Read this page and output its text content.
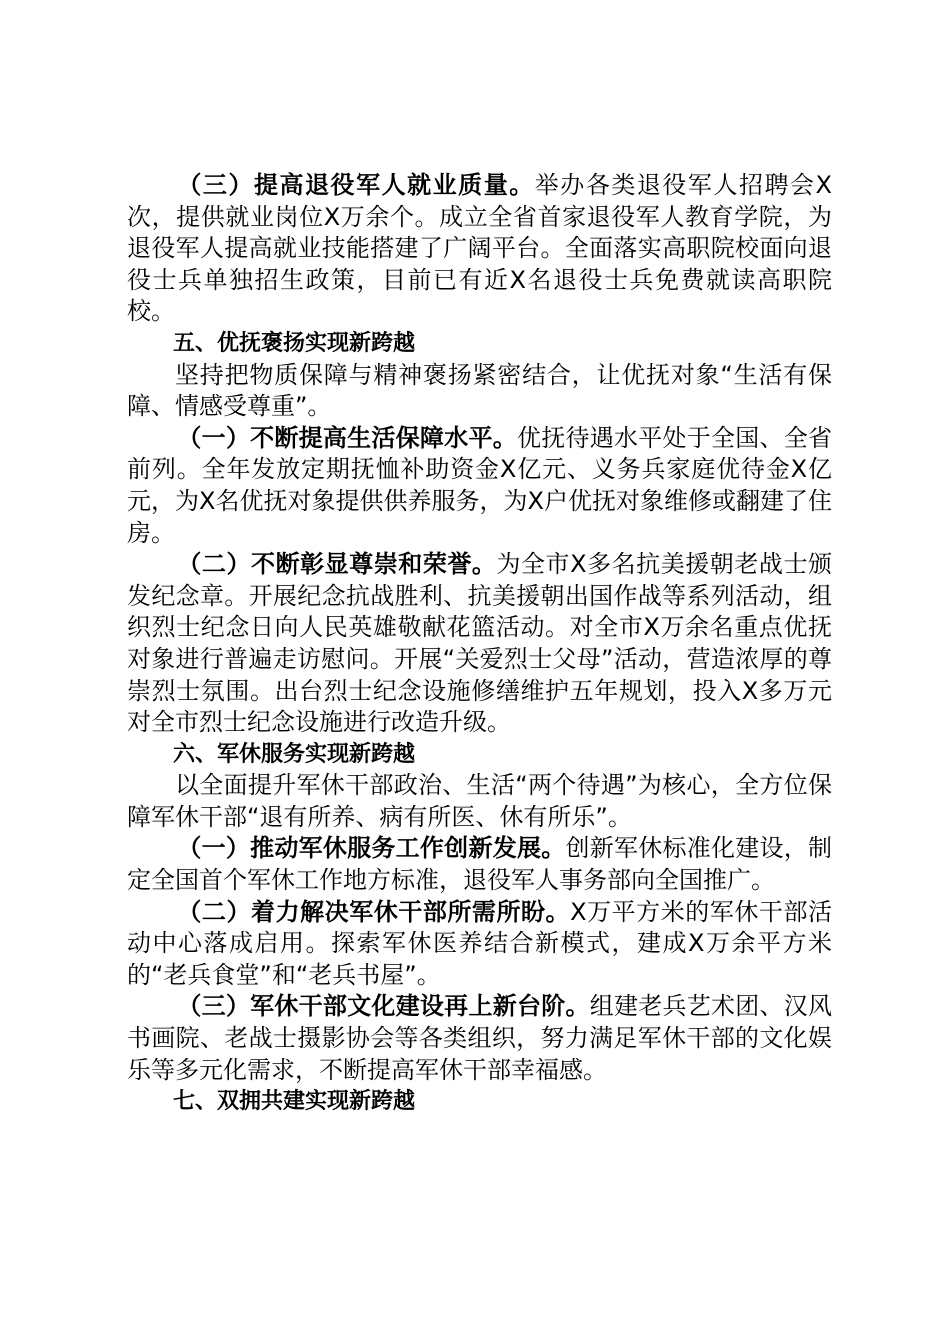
（三）提高退役军人就业质量。举办各类退役军人招聘会X次，提供就业岗位X万余个。成立全省首家退役军人教育学院，为退役军人提高就业技能搭建了广阔平台。全面落实高职院校面向退役士兵单独招生政策，目前已有近X名退役士兵免费就读高职院校。

五、优抚褒扬实现新跨越

坚持把物质保障与精神褒扬紧密结合，让优抚对象“生活有保障、情感受尊重”。

（一）不断提高生活保障水平。优抚待遇水平处于全国、全省前列。全年发放定期抚恤补助资金X亿元、义务兵家庭优待金X亿元，为X名优抚对象提供供养服务，为X户优抚对象维修或翻建了住房。

（二）不断彰显尊崇和荣誉。为全市X多名抗美援朝老战士颁发纪念章。开展纪念抗战胜利、抗美援朝出国作战等系列活动，组织烈士纪念日向人民英雄敬献花篮活动。对全市X万余名重点优抚对象进行普遍走访慰问。开展“关爱烈士父母”活动，营造浓厚的尊崇烈士氛围。出台烈士纪念设施修缮维护五年规划，投入X多万元对全市烈士纪念设施进行改造升级。

六、军休服务实现新跨越

以全面提升军休干部政治、生活“两个待遇”为核心，全方位保障军休干部“退有所养、病有所医、休有所乐”。

（一）推动军休服务工作创新发展。创新军休标准化建设，制定全国首个军休工作地方标准，退役军人事务部向全国推广。

（二）着力解决军休干部所需所盼。X万平方米的军休干部活动中心落成启用。探索军休医养结合新模式，建成X万余平方米的“老兵食堂”和“老兵书屋”。

（三）军休干部文化建设再上新台阶。组建老兵艺术团、汉风书画院、老战士摄影协会等各类组织，努力满足军休干部的文化娱乐等多元化需求，不断提高军休干部幸福感。

七、双拥共建实现新跨越
